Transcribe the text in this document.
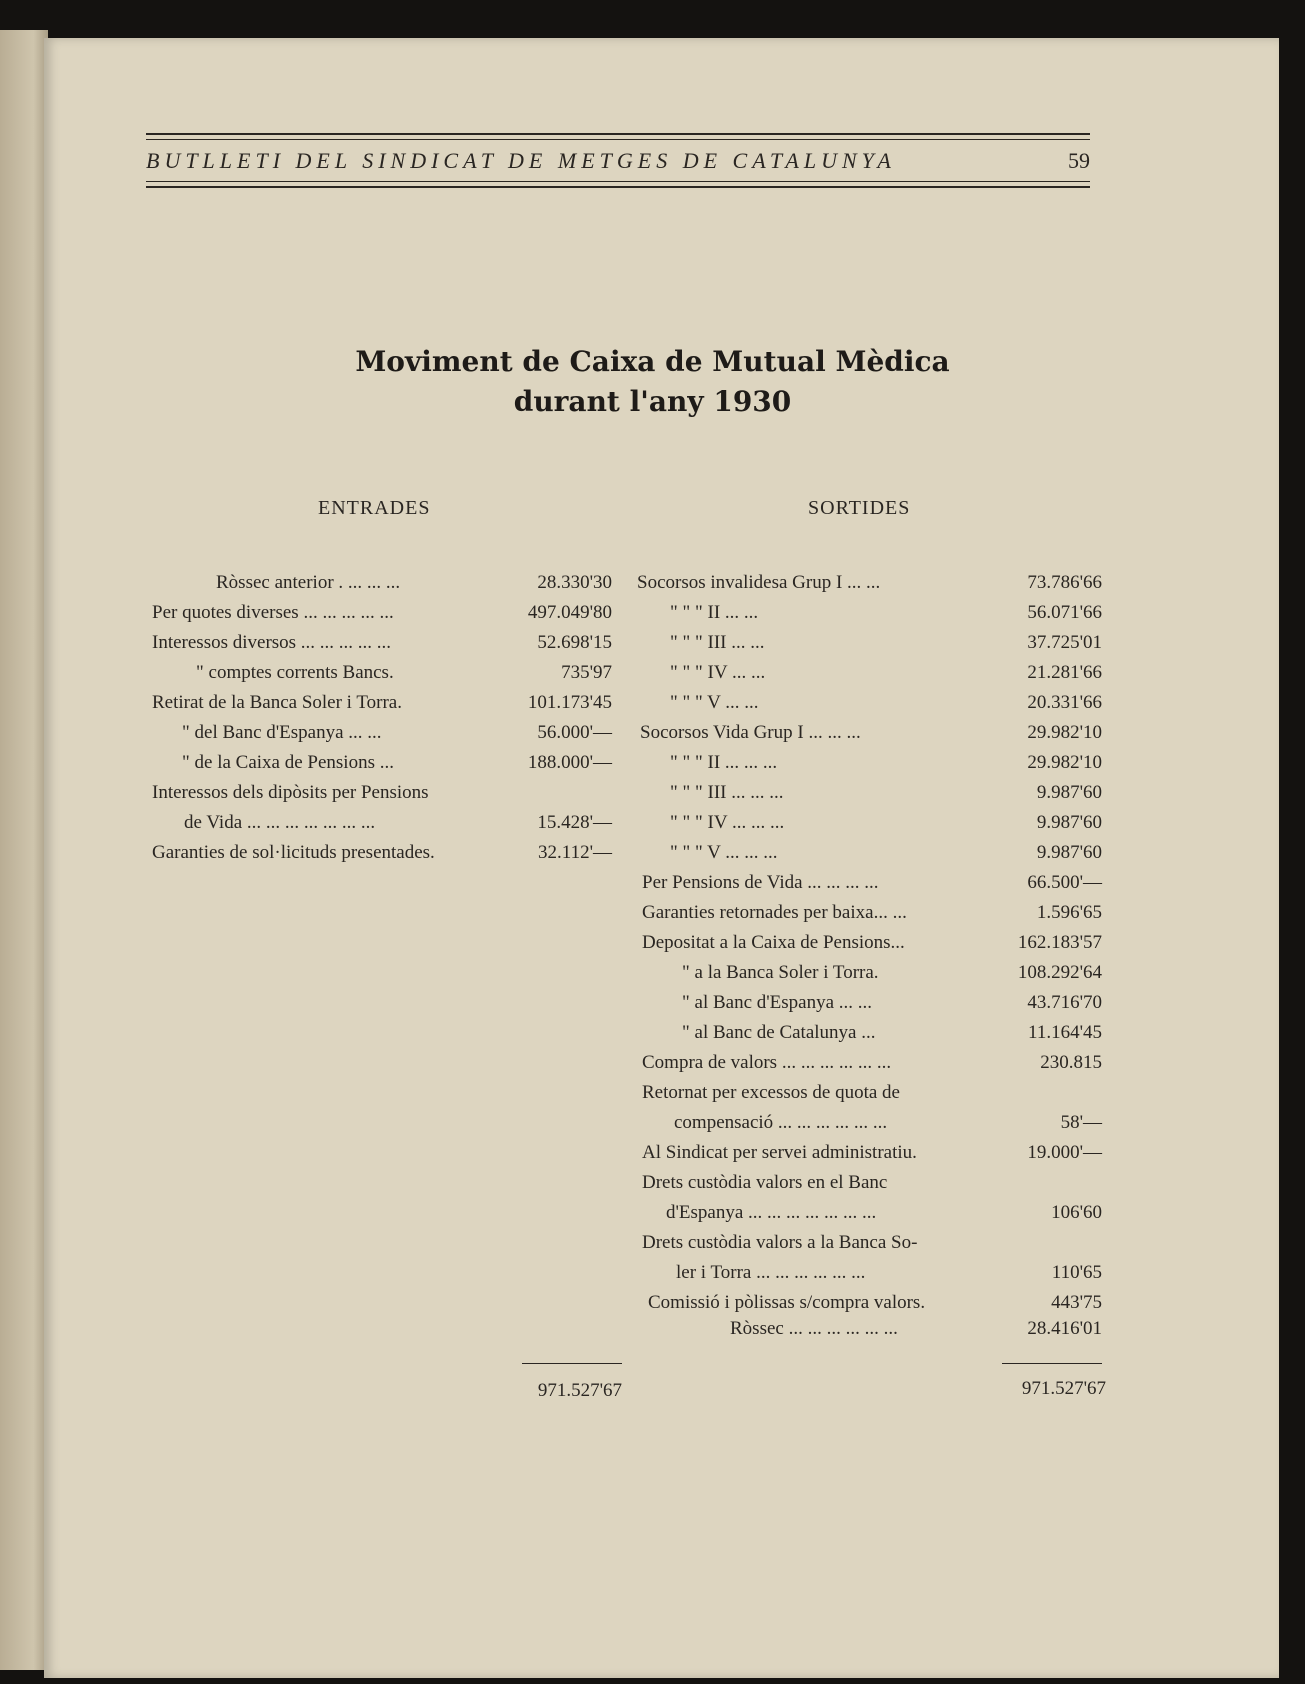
BUTLLETI DEL SINDICAT DE METGES DE CATALUNYA	59
Moviment de Caixa de Mutual Mèdica
durant l'any 1930
ENTRADES	SORTIDES
Ròssec anterior . ... ... ...	28.330'30
Per quotes diverses ... ... ... ... ...	497.049'80
Interessos diversos ... ... ... ... ...	52.698'15
" comptes corrents Bancs.	735'97
Retirat de la Banca Soler i Torra.	101.173'45
" del Banc d'Espanya ... ...	56.000'—
" de la Caixa de Pensions ...	188.000'—
Interessos dels dipòsits per Pensions
de Vida ... ... ... ... ... ... ...	15.428'—
Garanties de sol·licituds presentades.	32.112'—
971.527'67
Socorsos invalidesa Grup I ... ...	73.786'66
" " " II ... ...	56.071'66
" " " III ... ...	37.725'01
" " " IV ... ...	21.281'66
" " " V ... ...	20.331'66
Socorsos Vida Grup I ... ... ...	29.982'10
" " " II ... ... ...	29.982'10
" " " III ... ... ...	9.987'60
" " " IV ... ... ...	9.987'60
" " " V ... ... ...	9.987'60
Per Pensions de Vida ... ... ... ...	66.500'—
Garanties retornades per baixa... ...	1.596'65
Depositat a la Caixa de Pensions...	162.183'57
" a la Banca Soler i Torra.	108.292'64
" al Banc d'Espanya ... ...	43.716'70
" al Banc de Catalunya ...	11.164'45
Compra de valors ... ... ... ... ... ...	230.815
Retornat per excessos de quota de
compensació ... ... ... ... ... ...	58'—
Al Sindicat per servei administratiu.	19.000'—
Drets custòdia valors en el Banc
d'Espanya ... ... ... ... ... ... ...	106'60
Drets custòdia valors a la Banca So-
ler i Torra ... ... ... ... ... ...	110'65
Comissió i pòlissas s/compra valors.	443'75
Ròssec ... ... ... ... ... ...	28.416'01
971.527'67
